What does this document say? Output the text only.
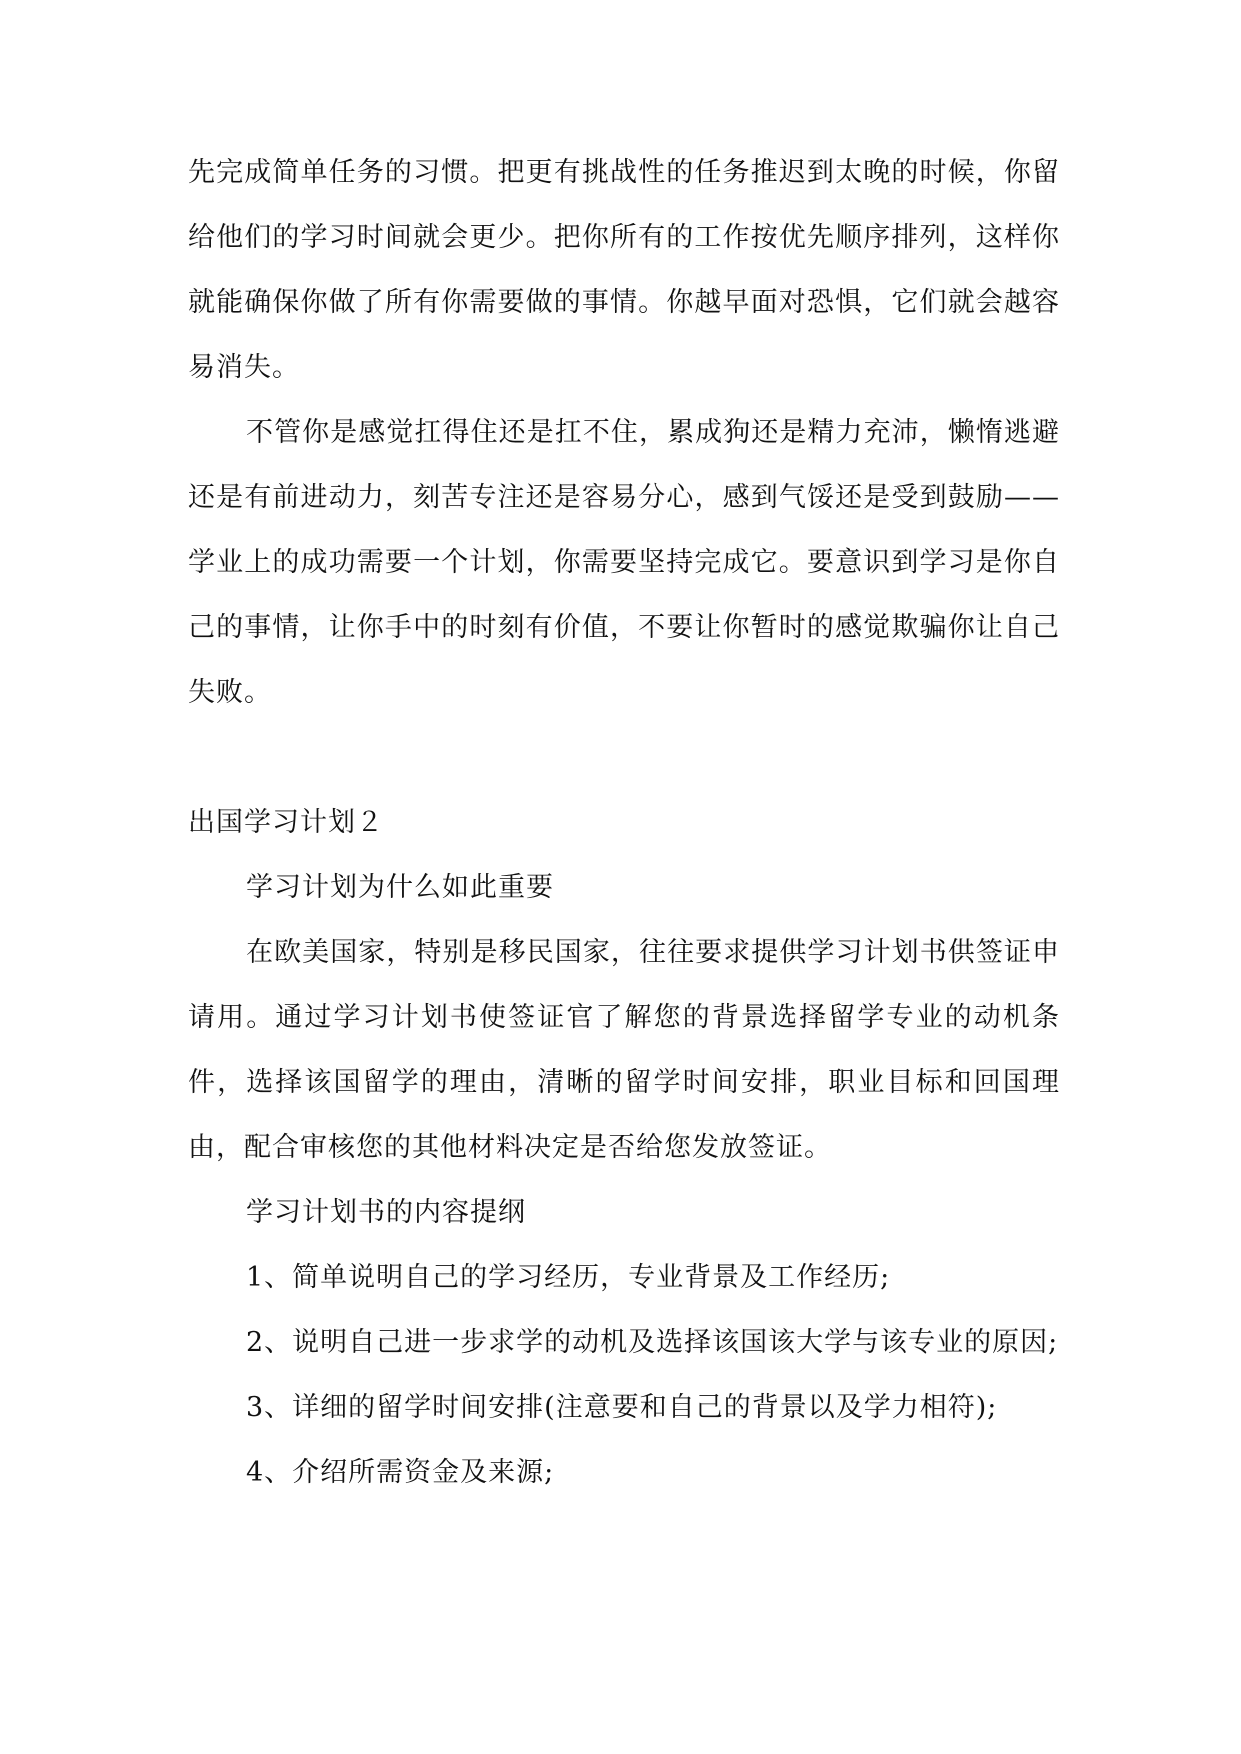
先完成简单任务的习惯。把更有挑战性的任务推迟到太晚的时候，你留给他们的学习时间就会更少。把你所有的工作按优先顺序排列，这样你就能确保你做了所有你需要做的事情。你越早面对恐惧，它们就会越容易消失。

不管你是感觉扛得住还是扛不住，累成狗还是精力充沛，懒惰逃避还是有前进动力，刻苦专注还是容易分心，感到气馁还是受到鼓励——学业上的成功需要一个计划，你需要坚持完成它。要意识到学习是你自己的事情，让你手中的时刻有价值，不要让你暂时的感觉欺骗你让自己失败。

出国学习计划２

学习计划为什么如此重要

在欧美国家，特别是移民国家，往往要求提供学习计划书供签证申请用。通过学习计划书使签证官了解您的背景选择留学专业的动机条件，选择该国留学的理由，清晰的留学时间安排，职业目标和回国理由，配合审核您的其他材料决定是否给您发放签证。

学习计划书的内容提纲

1、简单说明自己的学习经历，专业背景及工作经历;

2、说明自己进一步求学的动机及选择该国该大学与该专业的原因;

3、详细的留学时间安排(注意要和自己的背景以及学力相符);

4、介绍所需资金及来源;
